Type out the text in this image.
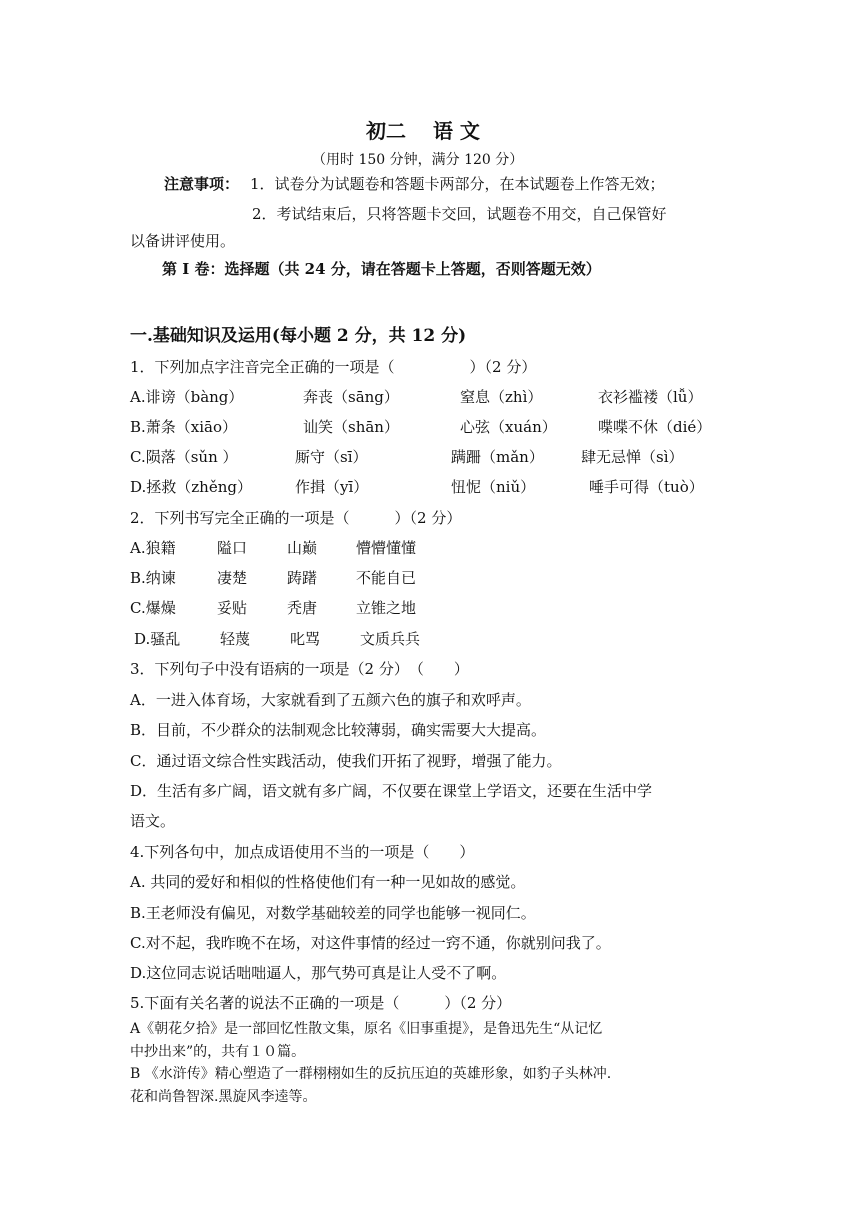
初二　 语 文
（用时 150 分钟，满分 120 分）
注意事项： 1．试卷分为试题卷和答题卡两部分，在本试题卷上作答无效；
2．考试结束后，只将答题卡交回，试题卷不用交，自己保管好
以备讲评使用。
第 I 卷：选择题（共 24 分，请在答题卡上答题，否则答题无效）
一.基础知识及运用(每小题 2 分，共 12 分)
1．下列加点字注音完全正确的一项是（　　　　　）（2 分）
A.诽谤（bàng）	奔丧（sāng）	窒息（zhì）	衣衫褴褛（lǚ）
B.萧条（xiāo）	讪笑（shān）	心弦（xuán）	喋喋不休（dié）
C.陨落（sǔn ）	厮守（sī）	蹒跚（mǎn） 肆无忌惮（sì）
D.拯救（zhěng）	作揖（yī）	忸怩（niǔ）	唾手可得（tuò）
2．下列书写完全正确的一项是（　　　）（2 分）
A.狼籍	隘口	山巅	懵懵懂懂
B.纳谏	凄楚	踌躇	不能自已
C.爆燥	妥贴	秃唐	立锥之地
D.骚乱	轻蔑	叱骂	文质兵兵
3．下列句子中没有语病的一项是（2 分）　（　　）
A．一进入体育场，大家就看到了五颜六色的旗子和欢呼声。
B．目前，不少群众的法制观念比较薄弱，确实需要大大提高。
C．通过语文综合性实践活动，使我们开拓了视野，增强了能力。
D．生活有多广阔，语文就有多广阔，不仅要在课堂上学语文，还要在生活中学
语文。
4.下列各句中，加点成语使用不当的一项是（　　）
A. 共同的爱好和相似的性格使他们有一种一见如故的感觉。
B.王老师没有偏见，对数学基础较差的同学也能够一视同仁。
C.对不起，我昨晚不在场，对这件事情的经过一窍不通，你就别问我了。
D.这位同志说话咄咄逼人，那气势可真是让人受不了啊。
5.下面有关名著的说法不正确的一项是（　　　）（2 分）
A《朝花夕拾》是一部回忆性散文集，原名《旧事重提》，是鲁迅先生“从记忆
中抄出来”的，共有１０篇。
B 《水浒传》精心塑造了一群栩栩如生的反抗压迫的英雄形象，如豹子头林冲.
花和尚鲁智深.黑旋风李逵等。
